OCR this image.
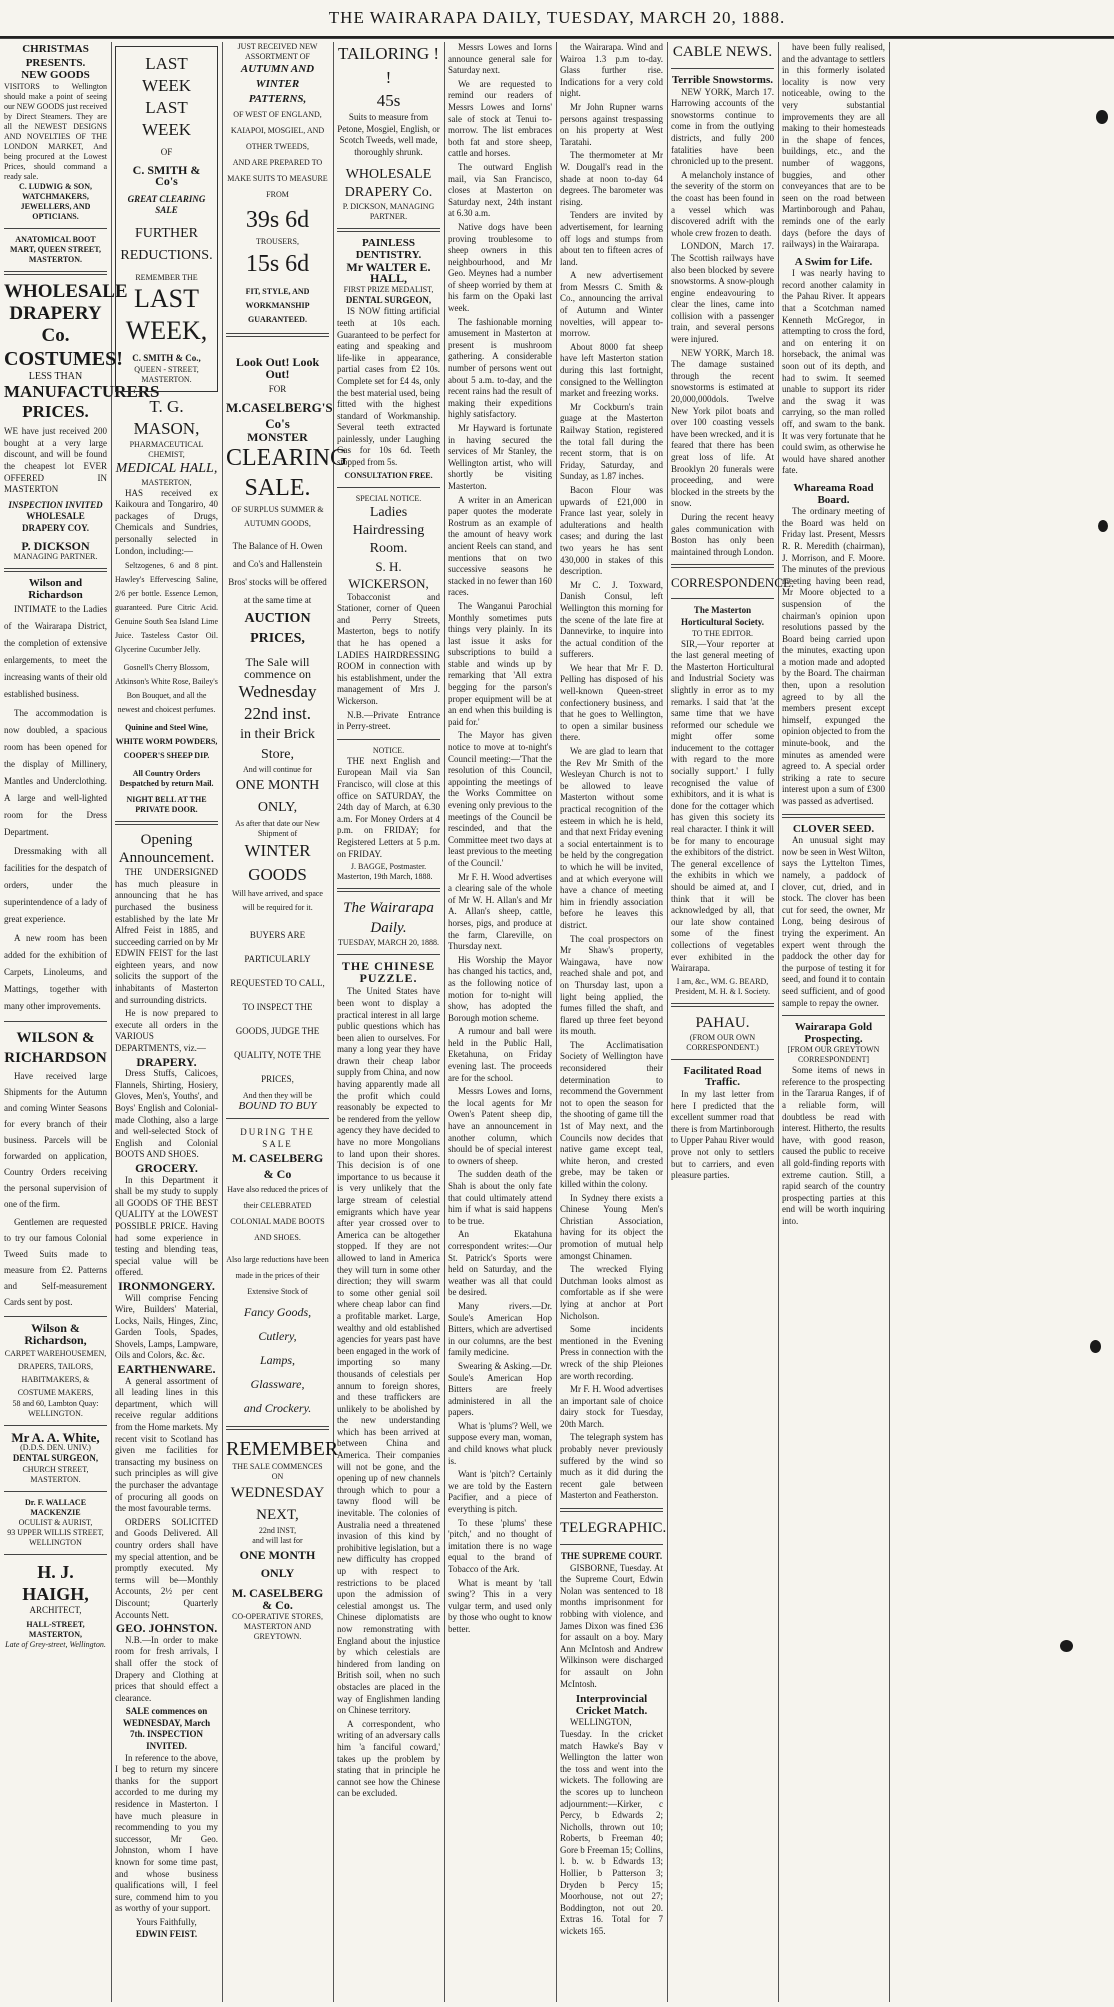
THE WAIRARAPA DAILY, TUESDAY, MARCH 20, 1888.

CHRISTMAS PRESENTS.

NEW GOODS

VISITORS to Wellington should make a point of seeing our NEW GOODS just received by Direct Steamers. They are all the NEWEST DESIGNS AND NOVELTIES OF THE LONDON MARKET, And being procured at the Lowest Prices, should command a ready sale.

C. LUDWIG & SON, WATCHMAKERS, JEWELLERS, AND OPTICIANS.

ANATOMICAL BOOT MART, QUEEN STREET, MASTERTON.

WHOLESALE DRAPERY Co.

COSTUMES!

LESS THAN

MANUFACTURERS PRICES.

WE have just received 200 bought at a very large discount, and will be found the cheapest lot EVER OFFERED IN MASTERTON

INSPECTION INVITED

WHOLESALE DRAPERY COY.

P. DICKSON

MANAGING PARTNER.

Wilson and Richardson

INTIMATE to the Ladies of the Wairarapa District, the completion of extensive enlargements, to meet the increasing wants of their old established business.

The accommodation is now doubled, a spacious room has been opened for the display of Millinery, Mantles and Underclothing. A large and well-lighted room for the Dress Department.

Dressmaking with all facilities for the despatch of orders, under the superintendence of a lady of great experience.

A new room has been added for the exhibition of Carpets, Linoleums, and Mattings, together with many other improvements.

WILSON & RICHARDSON

Have received large Shipments for the Autumn and coming Winter Seasons for every branch of their business. Parcels will be forwarded on application, Country Orders receiving the personal supervision of one of the firm.

Gentlemen are requested to try our famous Colonial Tweed Suits made to measure from £2. Patterns and Self-measurement Cards sent by post.

Wilson & Richardson,

CARPET WAREHOUSEMEN, DRAPERS, TAILORS, HABITMAKERS, & COSTUME MAKERS,

58 and 60, Lambton Quay: WELLINGTON.

Mr A. A. White,

(D.D.S. DEN. UNIV.)

DENTAL SURGEON,

CHURCH STREET, MASTERTON.

Dr. F. WALLACE MACKENZIE

OCULIST & AURIST,

93 UPPER WILLIS STREET, WELLINGTON

H. J. HAIGH,

ARCHITECT,

HALL-STREET, MASTERTON,

Late of Grey-street, Wellington.

LAST WEEK

LAST WEEK

OF

C. SMITH & Co's

GREAT CLEARING SALE

FURTHER REDUCTIONS.

REMEMBER THE

LAST WEEK,

C. SMITH & Co.,

QUEEN - STREET, MASTERTON.

T. G. MASON,

PHARMACEUTICAL CHEMIST,

MEDICAL HALL,

MASTERTON,

HAS received ex Kaikoura and Tongariro, 40 packages of Drugs, Chemicals and Sundries, personally selected in London, including:—

Seltzogenes, 6 and 8 pint. Hawley's Effervescing Saline, 2/6 per bottle. Essence Lemon, guaranteed. Pure Citric Acid. Genuine South Sea Island Lime Juice. Tasteless Castor Oil. Glycerine Cucumber Jelly.

Gosnell's Cherry Blossom, Atkinson's White Rose, Bailey's Bon Bouquet, and all the newest and choicest perfumes.

Quinine and Steel Wine, WHITE WORM POWDERS, COOPER'S SHEEP DIP.

All Country Orders Despatched by return Mail.

NIGHT BELL AT THE PRIVATE DOOR.

Opening Announcement.

THE UNDERSIGNED has much pleasure in announcing that he has purchased the business established by the late Mr Alfred Feist in 1885, and succeeding carried on by Mr EDWIN FEIST for the last eighteen years, and now solicits the support of the inhabitants of Masterton and surrounding districts.

He is now prepared to execute all orders in the VARIOUS DEPARTMENTS, viz.—

DRAPERY.

Dress Stuffs, Calicoes, Flannels, Shirting, Hosiery, Gloves, Men's, Youths', and Boys' English and Colonial-made Clothing, also a large and well-selected Stock of English and Colonial BOOTS AND SHOES.

GROCERY.

In this Department it shall be my study to supply all GOODS OF THE BEST QUALITY at the LOWEST POSSIBLE PRICE. Having had some experience in testing and blending teas, special value will be offered.

IRONMONGERY.

Will comprise Fencing Wire, Builders' Material, Locks, Nails, Hinges, Zinc, Garden Tools, Spades, Shovels, Lamps, Lampware, Oils and Colors, &c. &c.

EARTHENWARE.

A general assortment of all leading lines in this department, which will receive regular additions from the Home markets. My recent visit to Scotland has given me facilities for transacting my business on such principles as will give the purchaser the advantage of procuring all goods on the most favourable terms.

ORDERS SOLICITED and Goods Delivered. All country orders shall have my special attention, and be promptly executed. My terms will be—Monthly Accounts, 2½ per cent Discount; Quarterly Accounts Nett.

GEO. JOHNSTON.

N.B.—In order to make room for fresh arrivals, I shall offer the stock of Drapery and Clothing at prices that should effect a clearance.

SALE commences on WEDNESDAY, March 7th. INSPECTION INVITED.

In reference to the above, I beg to return my sincere thanks for the support accorded to me during my residence in Masterton. I have much pleasure in recommending to you my successor, Mr Geo. Johnston, whom I have known for some time past, and whose business qualifications will, I feel sure, commend him to you as worthy of your support.

Yours Faithfully,

EDWIN FEIST.

JUST RECEIVED NEW ASSORTMENT OF

AUTUMN AND WINTER PATTERNS,

OF WEST OF ENGLAND, KAIAPOI, MOSGIEL, AND OTHER TWEEDS,

AND ARE PREPARED TO MAKE SUITS TO MEASURE FROM

39s 6d

TROUSERS,

15s 6d

FIT, STYLE, AND WORKMANSHIP GUARANTEED.

Look Out! Look Out!

FOR

M.CASELBERG'S Co's

MONSTER

CLEARING

SALE.

OF SURPLUS SUMMER & AUTUMN GOODS,

The Balance of H. Owen and Co's and Hallenstein Bros' stocks will be offered at the same time at

AUCTION PRICES,

The Sale will commence on

Wednesday 22nd inst.

in their Brick Store,

And will continue for

ONE MONTH ONLY,

As after that date our New Shipment of

WINTER GOODS

Will have arrived, and space will be required for it.

BUYERS ARE PARTICULARLY REQUESTED TO CALL, TO INSPECT THE GOODS, JUDGE THE QUALITY, NOTE THE PRICES,

And then they will be

BOUND TO BUY

DURING THE SALE

M. CASELBERG & Co

Have also reduced the prices of their CELEBRATED COLONIAL MADE BOOTS AND SHOES.

Also large reductions have been made in the prices of their Extensive Stock of

Fancy Goods,

Cutlery,

Lamps,

Glassware,

and Crockery.

REMEMBER

THE SALE COMMENCES ON

WEDNESDAY NEXT,

22nd INST,

and will last for

ONE MONTH ONLY

M. CASELBERG & Co.

CO-OPERATIVE STORES,

MASTERTON AND GREYTOWN.

TAILORING ! !

45s

Suits to measure from Petone, Mosgiel, English, or Scotch Tweeds, well made, thoroughly shrunk.

WHOLESALE DRAPERY Co.

P. DICKSON, MANAGING PARTNER.

PAINLESS DENTISTRY.

Mr WALTER E. HALL,

FIRST PRIZE MEDALIST,

DENTAL SURGEON,

IS NOW fitting artificial teeth at 10s each. Guaranteed to be perfect for eating and speaking and life-like in appearance, partial cases from £2 10s. Complete set for £4 4s, only the best material used, being fitted with the highest standard of Workmanship. Several teeth extracted painlessly, under Laughing Gas for 10s 6d. Teeth stopped from 5s.

CONSULTATION FREE.

SPECIAL NOTICE.

Ladies Hairdressing Room.

S. H. WICKERSON,

Tobacconist and Stationer, corner of Queen and Perry Streets, Masterton, begs to notify that he has opened a LADIES HAIRDRESSING ROOM in connection with his establishment, under the management of Mrs J. Wickerson.

N.B.—Private Entrance in Perry-street.

NOTICE.

THE next English and European Mail via San Francisco, will close at this office on SATURDAY, the 24th day of March, at 6.30 a.m. For Money Orders at 4 p.m. on FRIDAY; for Registered Letters at 5 p.m. on FRIDAY.

J. BAGGE, Postmaster.

Masterton, 19th March, 1888.

The Wairarapa Daily.

TUESDAY, MARCH 20, 1888.

THE CHINESE PUZZLE.

The United States have been wont to display a practical interest in all large public questions which has been alien to ourselves. For many a long year they have drawn their cheap labor supply from China, and now having apparently made all the profit which could reasonably be expected to be rendered from the yellow agency they have decided to have no more Mongolians to land upon their shores. This decision is of one importance to us because it is very unlikely that the large stream of celestial emigrants which have year after year crossed over to America can be altogether stopped. If they are not allowed to land in America they will turn in some other direction; they will swarm to some other genial soil where cheap labor can find a profitable market. Large, wealthy and old established agencies for years past have been engaged in the work of importing so many thousands of celestials per annum to foreign shores, and these traffickers are unlikely to be abolished by the new understanding which has been arrived at between China and America. Their companies will not be gone, and the opening up of new channels through which to pour a tawny flood will be inevitable. The colonies of Australia need a threatened invasion of this kind by prohibitive legislation, but a new difficulty has cropped up with respect to restrictions to be placed upon the admission of celestial amongst us. The Chinese diplomatists are now remonstrating with England about the injustice by which celestials are hindered from landing on British soil, when no such obstacles are placed in the way of Englishmen landing on Chinese territory.

A correspondent, who writing of an adversary calls him 'a fanciful coward,' takes up the problem by stating that in principle he cannot see how the Chinese can be excluded.

Messrs Lowes and Iorns announce general sale for Saturday next.

We are requested to remind our readers of Messrs Lowes and Iorns' sale of stock at Tenui to-morrow. The list embraces both fat and store sheep, cattle and horses.

The outward English mail, via San Francisco, closes at Masterton on Saturday next, 24th instant at 6.30 a.m.

Native dogs have been proving troublesome to sheep owners in this neighbourhood, and Mr Geo. Meynes had a number of sheep worried by them at his farm on the Opaki last week.

The fashionable morning amusement in Masterton at present is mushroom gathering. A considerable number of persons went out about 5 a.m. to-day, and the recent rains had the result of making their expeditions highly satisfactory.

Mr Hayward is fortunate in having secured the services of Mr Stanley, the Wellington artist, who will shortly be visiting Masterton.

A writer in an American paper quotes the moderate Rostrum as an example of the amount of heavy work ancient Reels can stand, and mentions that on two successive seasons he stacked in no fewer than 160 races.

The Wanganui Parochial Monthly sometimes puts things very plainly. In its last issue it asks for subscriptions to build a stable and winds up by remarking that 'All extra begging for the parson's proper equipment will be at an end when this building is paid for.'

The Mayor has given notice to move at to-night's Council meeting:—'That the resolution of this Council, appointing the meetings of the Works Committee on evening only previous to the meetings of the Council be rescinded, and that the Committee meet two days at least previous to the meeting of the Council.'

Mr F. H. Wood advertises a clearing sale of the whole of Mr W. H. Allan's and Mr A. Allan's sheep, cattle, horses, pigs, and produce at the farm, Clareville, on Thursday next.

His Worship the Mayor has changed his tactics, and, as the following notice of motion for to-night will show, has adopted the Borough motion scheme.

A rumour and ball were held in the Public Hall, Eketahuna, on Friday evening last. The proceeds are for the school.

Messrs Lowes and Iorns, the local agents for Mr Owen's Patent sheep dip, have an announcement in another column, which should be of special interest to owners of sheep.

The sudden death of the Shah is about the only fate that could ultimately attend him if what is said happens to be true.

An Ekatahuna correspondent writes:—Our St. Patrick's Sports were held on Saturday, and the weather was all that could be desired.

Many rivers.—Dr. Soule's American Hop Bitters, which are advertised in our columns, are the best family medicine.

Swearing & Asking.—Dr. Soule's American Hop Bitters are freely administered in all the papers.

What is 'plums'? Well, we suppose every man, woman, and child knows what pluck is.

Want is 'pitch'? Certainly we are told by the Eastern Pacifier, and a piece of everything is pitch.

To these 'plums' these 'pitch,' and no thought of imitation there is no wage equal to the brand of Tobacco of the Ark.

What is meant by 'tall swing'? This in a very vulgar term, and used only by those who ought to know better.

the Wairarapa. Wind and Wairoa 1.3 p.m to-day. Glass further rise. Indications for a very cold night.

Mr John Rupner warns persons against trespassing on his property at West Taratahi.

The thermometer at Mr W. Dougall's read in the shade at noon to-day 64 degrees. The barometer was rising.

Tenders are invited by advertisement, for learning off logs and stumps from about ten to fifteen acres of land.

A new advertisement from Messrs C. Smith & Co., announcing the arrival of Autumn and Winter novelties, will appear to-morrow.

About 8000 fat sheep have left Masterton station during this last fortnight, consigned to the Wellington market and freezing works.

Mr Cockburn's train guage at the Masterton Railway Station, registered the total fall during the recent storm, that is on Friday, Saturday, and Sunday, as 1.87 inches.

Bacon Flour was upwards of £21,000 in France last year, solely in adulterations and health cases; and during the last two years he has sent 430,000 in stakes of this description.

Mr C. J. Toxward, Danish Consul, left Wellington this morning for the scene of the late fire at Dannevirke, to inquire into the actual condition of the sufferers.

We hear that Mr F. D. Pelling has disposed of his well-known Queen-street confectionery business, and that he goes to Wellington, to open a similar business there.

We are glad to learn that the Rev Mr Smith of the Wesleyan Church is not to be allowed to leave Masterton without some practical recognition of the esteem in which he is held, and that next Friday evening a social entertainment is to be held by the congregation to which he will be invited, and at which everyone will have a chance of meeting him in friendly association before he leaves this district.

The coal prospectors on Mr Shaw's property, Waingawa, have now reached shale and pot, and on Thursday last, upon a light being applied, the fumes filled the shaft, and flared up three feet beyond its mouth.

The Acclimatisation Society of Wellington have reconsidered their determination to recommend the Government not to open the season for the shooting of game till the 1st of May next, and the Councils now decides that native game except teal, white heron, and crested grebe, may be taken or killed within the colony.

In Sydney there exists a Chinese Young Men's Christian Association, having for its object the promotion of mutual help amongst Chinamen.

The wrecked Flying Dutchman looks almost as comfortable as if she were lying at anchor at Port Nicholson.

Some incidents mentioned in the Evening Press in connection with the wreck of the ship Pleiones are worth recording.

Mr F. H. Wood advertises an important sale of choice dairy stock for Tuesday, 20th March.

The telegraph system has probably never previously suffered by the wind so much as it did during the recent gale between Masterton and Featherston.

TELEGRAPHIC.

THE SUPREME COURT.

GISBORNE, Tuesday. At the Supreme Court, Edwin Nolan was sentenced to 18 months imprisonment for robbing with violence, and James Dixon was fined £36 for assault on a boy. Mary Ann McIntosh and Andrew Wilkinson were discharged for assault on John McIntosh.

Interprovincial Cricket Match.

WELLINGTON, Tuesday. In the cricket match Hawke's Bay v Wellington the latter won the toss and went into the wickets. The following are the scores up to luncheon adjournment:—Kirker, c Percy, b Edwards 2; Nicholls, thrown out 10; Roberts, b Freeman 40; Gore b Freeman 15; Collins, l. b. w. b Edwards 13; Hollier, b Patterson 3; Dryden b Percy 15; Moorhouse, not out 27; Boddington, not out 20. Extras 16. Total for 7 wickets 165.

CABLE NEWS.

Terrible Snowstorms.

NEW YORK, March 17. Harrowing accounts of the snowstorms continue to come in from the outlying districts, and fully 200 fatalities have been chronicled up to the present.

A melancholy instance of the severity of the storm on the coast has been found in a vessel which was discovered adrift with the whole crew frozen to death.

LONDON, March 17. The Scottish railways have also been blocked by severe snowstorms. A snow-plough engine endeavouring to clear the lines, came into collision with a passenger train, and several persons were injured.

NEW YORK, March 18. The damage sustained through the recent snowstorms is estimated at 20,000,000dols. Twelve New York pilot boats and over 100 coasting vessels have been wrecked, and it is feared that there has been great loss of life. At Brooklyn 20 funerals were proceeding, and were blocked in the streets by the snow.

During the recent heavy gales communication with Boston has only been maintained through London.

CORRESPONDENCE.

The Masterton Horticultural Society.

TO THE EDITOR.

SIR,—Your reporter at the last general meeting of the Masterton Horticultural and Industrial Society was slightly in error as to my remarks. I said that 'at the same time that we have reformed our schedule we might offer some inducement to the cottager with regard to the more socially support.' I fully recognised the value of exhibitors, and it is what is done for the cottager which has given this society its real character. I think it will be for many to encourage the exhibitors of the district. The general excellence of the exhibits in which we should be aimed at, and I think that it will be acknowledged by all, that our late show contained some of the finest collections of vegetables ever exhibited in the Wairarapa.

I am, &c., WM. G. BEARD, President, M. H. & I. Society.

PAHAU.

(FROM OUR OWN CORRESPONDENT.)

Facilitated Road Traffic.

In my last letter from here I predicted that the excellent summer road that there is from Martinborough to Upper Pahau River would prove not only to settlers but to carriers, and even pleasure parties.

have been fully realised, and the advantage to settlers in this formerly isolated locality is now very noticeable, owing to the very substantial improvements they are all making to their homesteads in the shape of fences, buildings, etc., and the number of waggons, buggies, and other conveyances that are to be seen on the road between Martinborough and Pahau, reminds one of the early days (before the days of railways) in the Wairarapa.

A Swim for Life.

I was nearly having to record another calamity in the Pahau River. It appears that a Scotchman named Kenneth McGregor, in attempting to cross the ford, and on entering it on horseback, the animal was soon out of its depth, and had to swim. It seemed unable to support its rider and the swag it was carrying, so the man rolled off, and swam to the bank. It was very fortunate that he could swim, as otherwise he would have shared another fate.

Whareama Road Board.

The ordinary meeting of the Board was held on Friday last. Present, Messrs R. R. Meredith (chairman), J. Morrison, and F. Moore. The minutes of the previous meeting having been read, Mr Moore objected to a suspension of the chairman's opinion upon resolutions passed by the Board being carried upon the minutes, exacting upon a motion made and adopted by the Board. The chairman then, upon a resolution agreed to by all the members present except himself, expunged the opinion objected to from the minute-book, and the minutes as amended were agreed to. A special order striking a rate to secure interest upon a sum of £300 was passed as advertised.

CLOVER SEED.

An unusual sight may now be seen in West Wilton, says the Lyttelton Times, namely, a paddock of clover, cut, dried, and in stock. The clover has been cut for seed, the owner, Mr Long, being desirous of trying the experiment. An expert went through the paddock the other day for the purpose of testing it for seed, and found it to contain seed sufficient, and of good sample to repay the owner.

Wairarapa Gold Prospecting.

[FROM OUR GREYTOWN CORRESPONDENT]

Some items of news in reference to the prospecting in the Tararua Ranges, if of a reliable form, will doubtless be read with interest. Hitherto, the results have, with good reason, caused the public to receive all gold-finding reports with extreme caution. Still, a rapid search of the country prospecting parties at this end will be worth inquiring into.
